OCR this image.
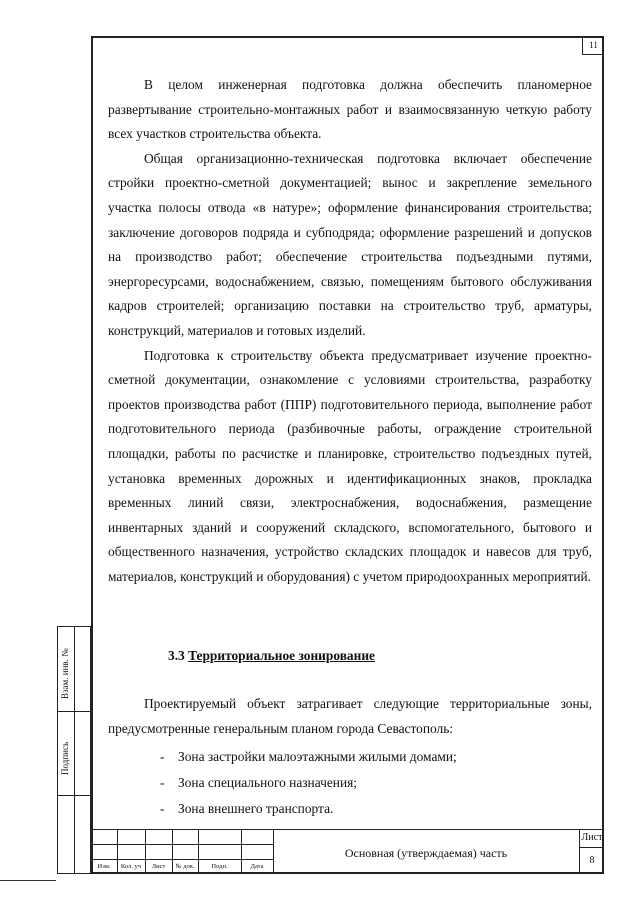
11

В целом инженерная подготовка должна обеспечить планомерное развертывание строительно-монтажных работ и взаимосвязанную четкую работу всех участков строительства объекта.

Общая организационно-техническая подготовка включает обеспечение стройки проектно-сметной документацией; вынос и закрепление земельного участка полосы отвода «в натуре»; оформление финансирования строительства; заключение договоров подряда и субподряда; оформление разрешений и допусков на производство работ; обеспечение строительства подъездными путями, энергоресурсами, водоснабжением, связью, помещениям бытового обслуживания кадров строителей; организацию поставки на строительство труб, арматуры, конструкций, материалов и готовых изделий.

Подготовка к строительству объекта предусматривает изучение проектно-сметной документации, ознакомление с условиями строительства, разработку проектов производства работ (ППР) подготовительного периода, выполнение работ подготовительного периода (разбивочные работы, ограждение строительной площадки, работы по расчистке и планировке, строительство подъездных путей, установка временных дорожных и идентификационных знаков, прокладка временных линий связи, электроснабжения, водоснабжения, размещение инвентарных зданий и сооружений складского, вспомогательного, бытового и общественного назначения, устройство складских площадок и навесов для труб, материалов, конструкций и оборудования) с учетом природоохранных мероприятий.

3.3 Территориальное зонирование

Проектируемый объект затрагивает следующие территориальные зоны, предусмотренные генеральным планом города Севастополь:

- Зона застройки малоэтажными жилыми домами;
- Зона специального назначения;
- Зона внешнего транспорта.
Взам. инв. №
Подпись
Изм.	Кол. уч	Лист	№ док.	Подп.	Дата
Основная (утверждаемая) часть
Лист
8
